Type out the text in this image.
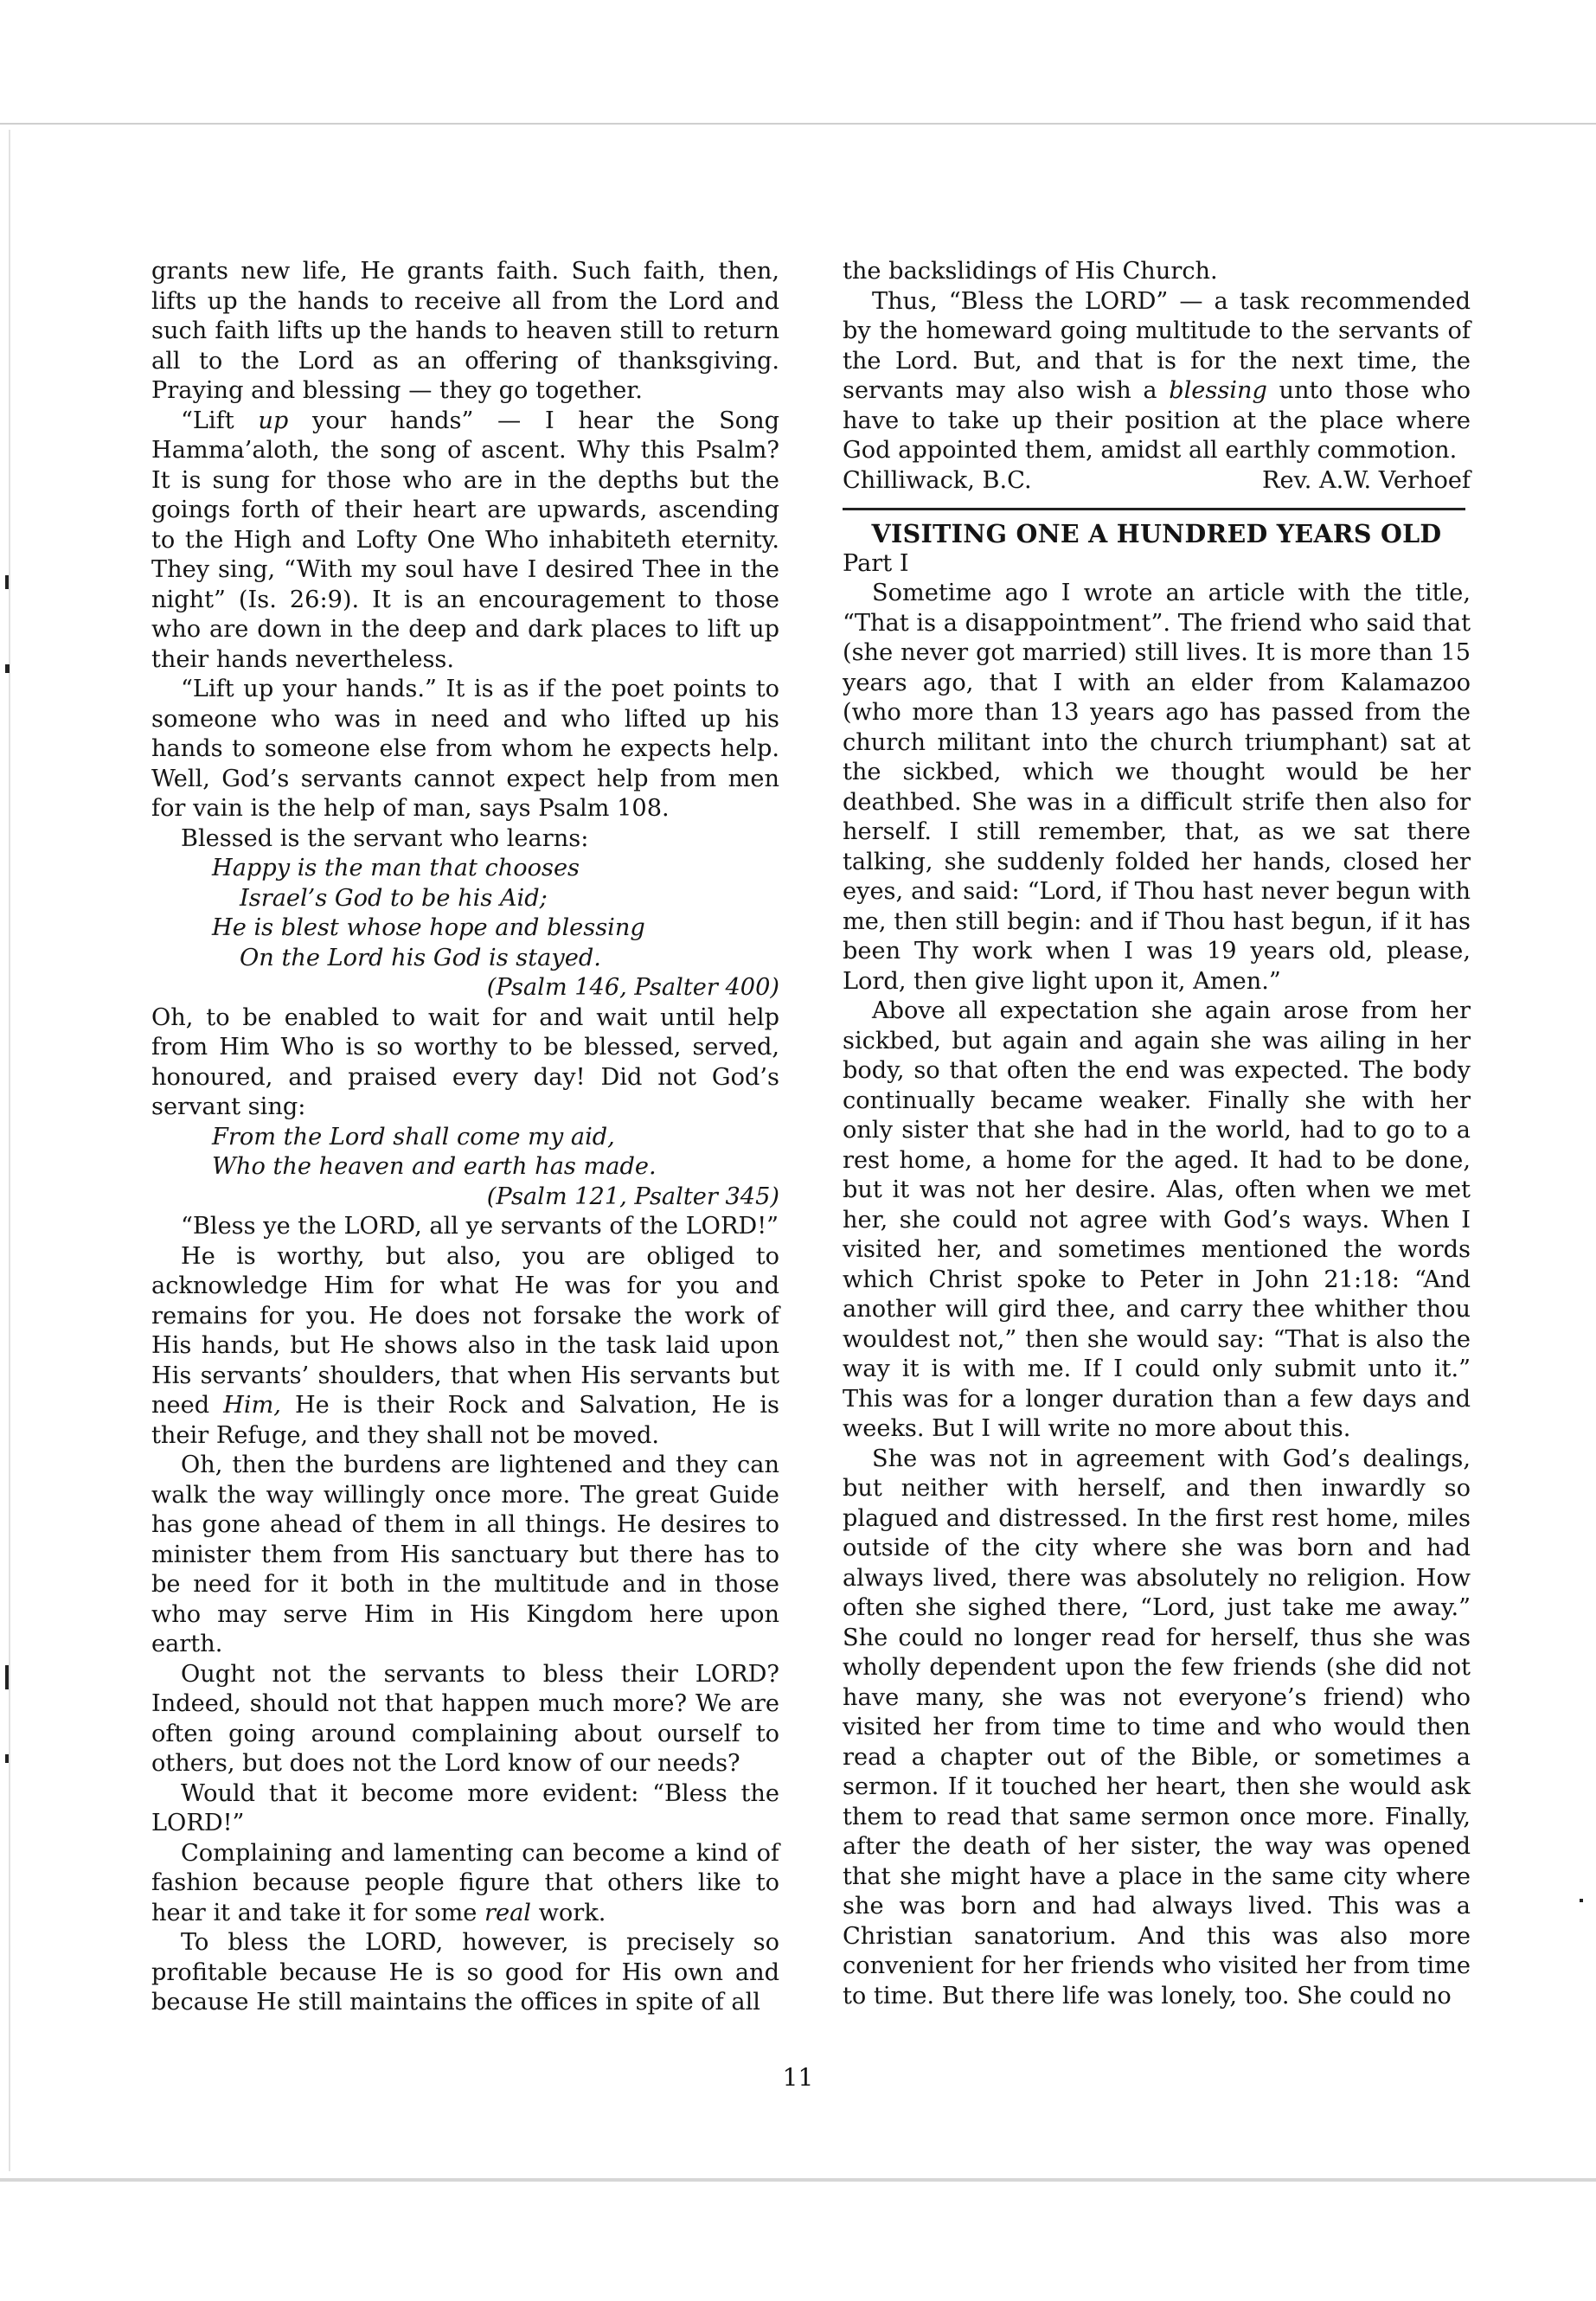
grants new life, He grants faith. Such faith, then, lifts up the hands to receive all from the Lord and such faith lifts up the hands to heaven still to return all to the Lord as an offering of thanksgiving. Praying and blessing — they go together.

“Lift up your hands” — I hear the Song Hamma’aloth, the song of ascent. Why this Psalm? It is sung for those who are in the depths but the goings forth of their heart are upwards, ascending to the High and Lofty One Who inhabiteth eternity. They sing, “With my soul have I desired Thee in the night” (Is. 26:9). It is an encouragement to those who are down in the deep and dark places to lift up their hands nevertheless.

“Lift up your hands.” It is as if the poet points to someone who was in need and who lifted up his hands to someone else from whom he expects help. Well, God’s servants cannot expect help from men for vain is the help of man, says Psalm 108.

Blessed is the servant who learns:

Happy is the man that chooses

Israel’s God to be his Aid;

He is blest whose hope and blessing

On the Lord his God is stayed.

(Psalm 146, Psalter 400)

Oh, to be enabled to wait for and wait until help from Him Who is so worthy to be blessed, served, honoured, and praised every day! Did not God’s servant sing:

From the Lord shall come my aid,

Who the heaven and earth has made.

(Psalm 121, Psalter 345)

“Bless ye the LORD, all ye servants of the LORD!”

He is worthy, but also, you are obliged to acknowledge Him for what He was for you and remains for you. He does not forsake the work of His hands, but He shows also in the task laid upon His servants’ shoulders, that when His servants but need Him, He is their Rock and Salvation, He is their Refuge, and they shall not be moved.

Oh, then the burdens are lightened and they can walk the way willingly once more. The great Guide has gone ahead of them in all things. He desires to minister them from His sanctuary but there has to be need for it both in the multitude and in those who may serve Him in His Kingdom here upon earth.

Ought not the servants to bless their LORD? Indeed, should not that happen much more? We are often going around complaining about ourself to others, but does not the Lord know of our needs?

Would that it become more evident: “Bless the LORD!”

Complaining and lamenting can become a kind of fashion because people figure that others like to hear it and take it for some real work.

To bless the LORD, however, is precisely so profitable because He is so good for His own and because He still maintains the offices in spite of all

the backslidings of His Church.

Thus, “Bless the LORD” — a task recommended by the homeward going multitude to the servants of the Lord. But, and that is for the next time, the servants may also wish a blessing unto those who have to take up their position at the place where God appointed them, amidst all earthly commotion.

Chilliwack, B.C.	Rev. A.W. Verhoef

VISITING ONE A HUNDRED YEARS OLD

Part I

Sometime ago I wrote an article with the title, “That is a disappointment”. The friend who said that (she never got married) still lives. It is more than 15 years ago, that I with an elder from Kalamazoo (who more than 13 years ago has passed from the church militant into the church triumphant) sat at the sickbed, which we thought would be her deathbed. She was in a difficult strife then also for herself. I still remember, that, as we sat there talking, she suddenly folded her hands, closed her eyes, and said: “Lord, if Thou hast never begun with me, then still begin: and if Thou hast begun, if it has been Thy work when I was 19 years old, please, Lord, then give light upon it, Amen.”

Above all expectation she again arose from her sickbed, but again and again she was ailing in her body, so that often the end was expected. The body continually became weaker. Finally she with her only sister that she had in the world, had to go to a rest home, a home for the aged. It had to be done, but it was not her desire. Alas, often when we met her, she could not agree with God’s ways. When I visited her, and sometimes mentioned the words which Christ spoke to Peter in John 21:18: “And another will gird thee, and carry thee whither thou wouldest not,” then she would say: “That is also the way it is with me. If I could only submit unto it.” This was for a longer duration than a few days and weeks. But I will write no more about this.

She was not in agreement with God’s dealings, but neither with herself, and then inwardly so plagued and distressed. In the first rest home, miles outside of the city where she was born and had always lived, there was absolutely no religion. How often she sighed there, “Lord, just take me away.” She could no longer read for herself, thus she was wholly dependent upon the few friends (she did not have many, she was not everyone’s friend) who visited her from time to time and who would then read a chapter out of the Bible, or sometimes a sermon. If it touched her heart, then she would ask them to read that same sermon once more. Finally, after the death of her sister, the way was opened that she might have a place in the same city where she was born and had always lived. This was a Christian sanatorium. And this was also more convenient for her friends who visited her from time to time. But there life was lonely, too. She could no

11
